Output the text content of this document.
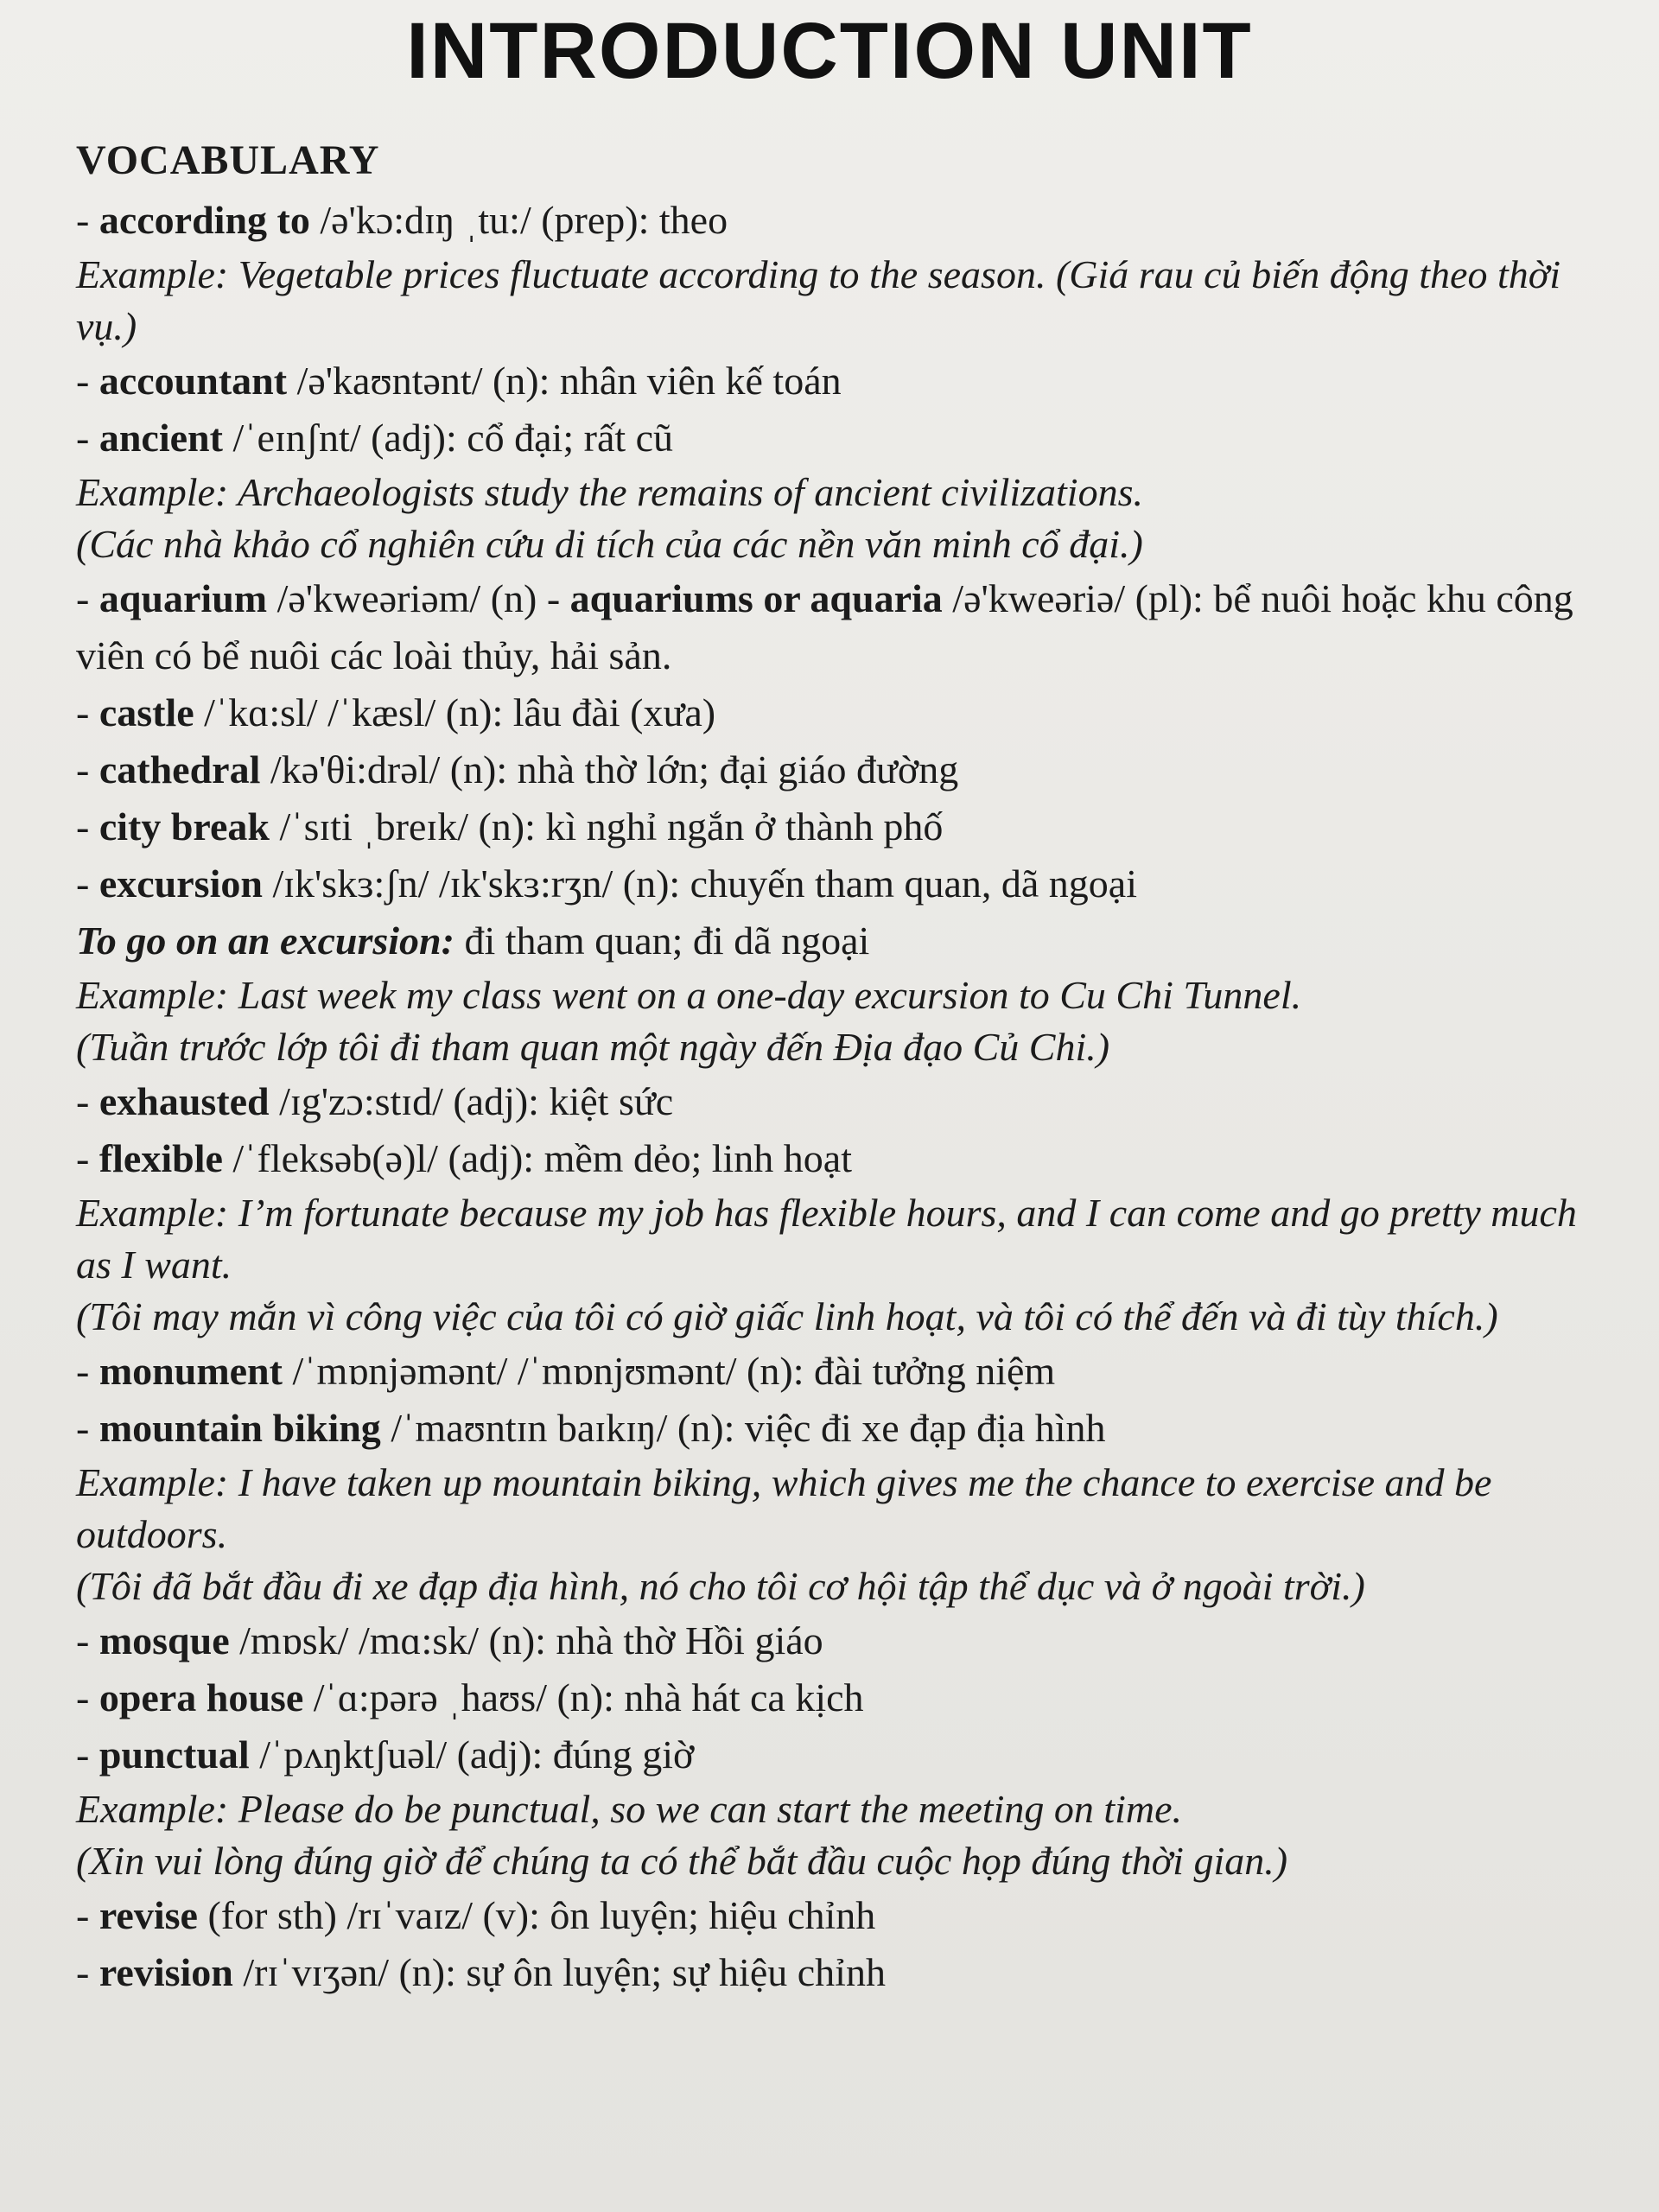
INTRODUCTION UNIT
VOCABULARY
- according to /ə'kɔ:dɪŋ ˌtu:/ (prep): theo
Example: Vegetable prices fluctuate according to the season. (Giá rau củ biến động theo thời vụ.)
- accountant /ə'kaʊntənt/ (n): nhân viên kế toán
- ancient /ˈeɪnʃnt/ (adj): cổ đại; rất cũ
Example: Archaeologists study the remains of ancient civilizations.
(Các nhà khảo cổ nghiên cứu di tích của các nền văn minh cổ đại.)
- aquarium /ə'kweəriəm/ (n) - aquariums or aquaria /ə'kweəriə/ (pl): bể nuôi hoặc khu công viên có bể nuôi các loài thủy, hải sản.
- castle /ˈkɑ:sl/ /ˈkæsl/ (n): lâu đài (xưa)
- cathedral /kə'θi:drəl/ (n): nhà thờ lớn; đại giáo đường
- city break /ˈsɪti ˌbreɪk/ (n): kì nghỉ ngắn ở thành phố
- excursion /ɪk'skɜ:ʃn/ /ɪk'skɜ:rʒn/ (n): chuyến tham quan, dã ngoại
To go on an excursion: đi tham quan; đi dã ngoại
Example: Last week my class went on a one-day excursion to Cu Chi Tunnel.
(Tuần trước lớp tôi đi tham quan một ngày đến Địa đạo Củ Chi.)
- exhausted /ɪg'zɔ:stɪd/ (adj): kiệt sức
- flexible /ˈfleksəb(ə)l/ (adj): mềm dẻo; linh hoạt
Example: I’m fortunate because my job has flexible hours, and I can come and go pretty much as I want.
(Tôi may mắn vì công việc của tôi có giờ giấc linh hoạt, và tôi có thể đến và đi tùy thích.)
- monument /ˈmɒnjəmənt/ /ˈmɒnjʊmənt/ (n): đài tưởng niệm
- mountain biking /ˈmaʊntɪn baɪkɪŋ/ (n): việc đi xe đạp địa hình
Example: I have taken up mountain biking, which gives me the chance to exercise and be outdoors.
(Tôi đã bắt đầu đi xe đạp địa hình, nó cho tôi cơ hội tập thể dục và ở ngoài trời.)
- mosque /mɒsk/ /mɑ:sk/ (n): nhà thờ Hồi giáo
- opera house /ˈɑ:pərə ˌhaʊs/ (n): nhà hát ca kịch
- punctual /ˈpʌŋktʃuəl/ (adj): đúng giờ
Example: Please do be punctual, so we can start the meeting on time.
(Xin vui lòng đúng giờ để chúng ta có thể bắt đầu cuộc họp đúng thời gian.)
- revise (for sth) /rɪˈvaɪz/ (v): ôn luyện; hiệu chỉnh
- revision /rɪˈvɪʒən/ (n): sự ôn luyện; sự hiệu chỉnh
